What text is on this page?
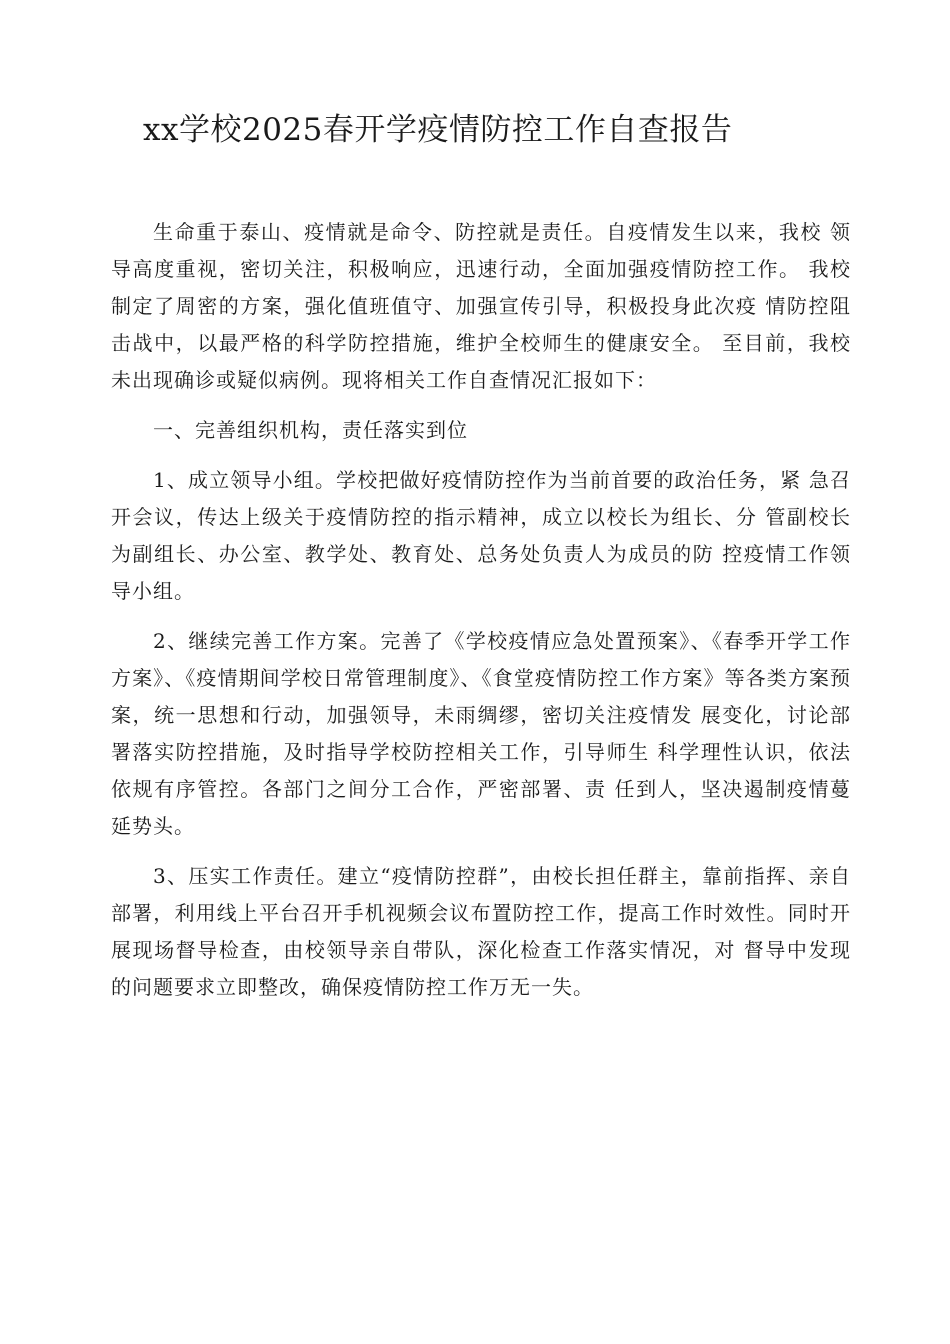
xx学校2025春开学疫情防控工作自查报告

生命重于泰山、疫情就是命令、防控就是责任。自疫情发生以来，我校 领导高度重视，密切关注，积极响应，迅速行动，全面加强疫情防控工作。 我校制定了周密的方案，强化值班值守、加强宣传引导，积极投身此次疫 情防控阻击战中，以最严格的科学防控措施，维护全校师生的健康安全。 至目前，我校未出现确诊或疑似病例。现将相关工作自查情况汇报如下：

一、完善组织机构，责任落实到位

1、成立领导小组。学校把做好疫情防控作为当前首要的政治任务，紧 急召开会议，传达上级关于疫情防控的指示精神，成立以校长为组长、分 管副校长为副组长、办公室、教学处、教育处、总务处负责人为成员的防 控疫情工作领导小组。

2、继续完善工作方案。完善了《学校疫情应急处置预案》、《春季开学工作方案》、《疫情期间学校日常管理制度》、《食堂疫情防控工作方案》等各类方案预案，统一思想和行动，加强领导，未雨绸缪，密切关注疫情发 展变化，讨论部署落实防控措施，及时指导学校防控相关工作，引导师生 科学理性认识，依法依规有序管控。各部门之间分工合作，严密部署、责 任到人，坚决遏制疫情蔓延势头。

3、压实工作责任。建立“疫情防控群”，由校长担任群主，靠前指挥、亲自部署，利用线上平台召开手机视频会议布置防控工作，提高工作时效性。同时开展现场督导检查，由校领导亲自带队，深化检查工作落实情况，对 督导中发现的问题要求立即整改，确保疫情防控工作万无一失。
